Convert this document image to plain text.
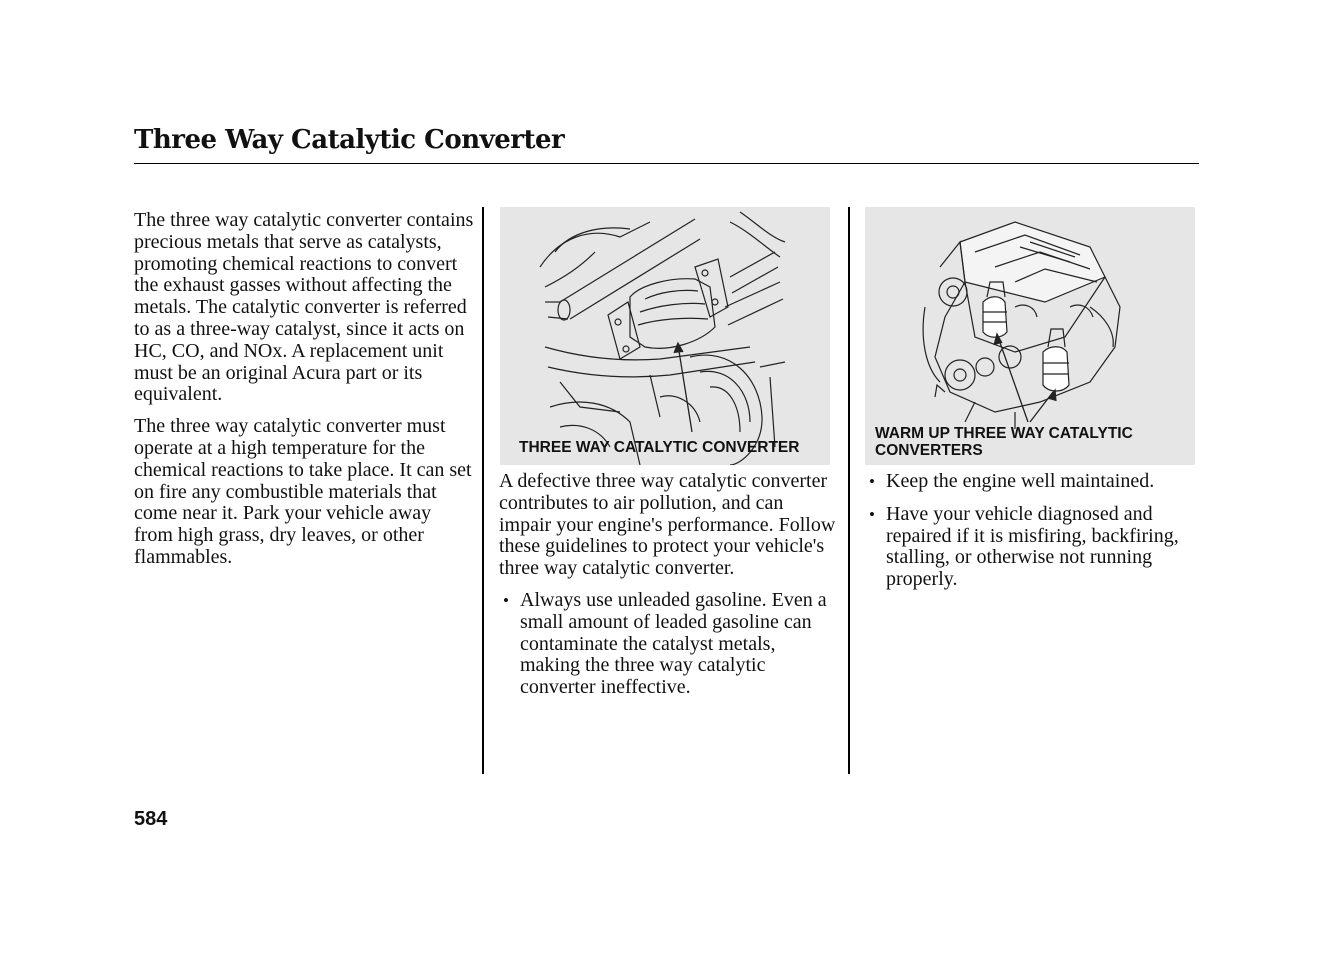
Three Way Catalytic Converter

The three way catalytic converter contains precious metals that serve as catalysts, promoting chemical reactions to convert the exhaust gasses without affecting the metals. The catalytic converter is referred to as a three-way catalyst, since it acts on HC, CO, and NOx. A replacement unit must be an original Acura part or its equivalent.

The three way catalytic converter must operate at a high temperature for the chemical reactions to take place. It can set on fire any combustible materials that come near it. Park your vehicle away from high grass, dry leaves, or other flammables.

THREE WAY CATALYTIC CONVERTER

A defective three way catalytic converter contributes to air pollution, and can impair your engine's performance. Follow these guidelines to protect your vehicle's three way catalytic converter.

• Always use unleaded gasoline. Even a small amount of leaded gasoline can contaminate the catalyst metals, making the three way catalytic converter ineffective.
WARM UP THREE WAY CATALYTIC CONVERTERS
• Keep the engine well maintained.
• Have your vehicle diagnosed and repaired if it is misfiring, backfiring, stalling, or otherwise not running properly.
584
